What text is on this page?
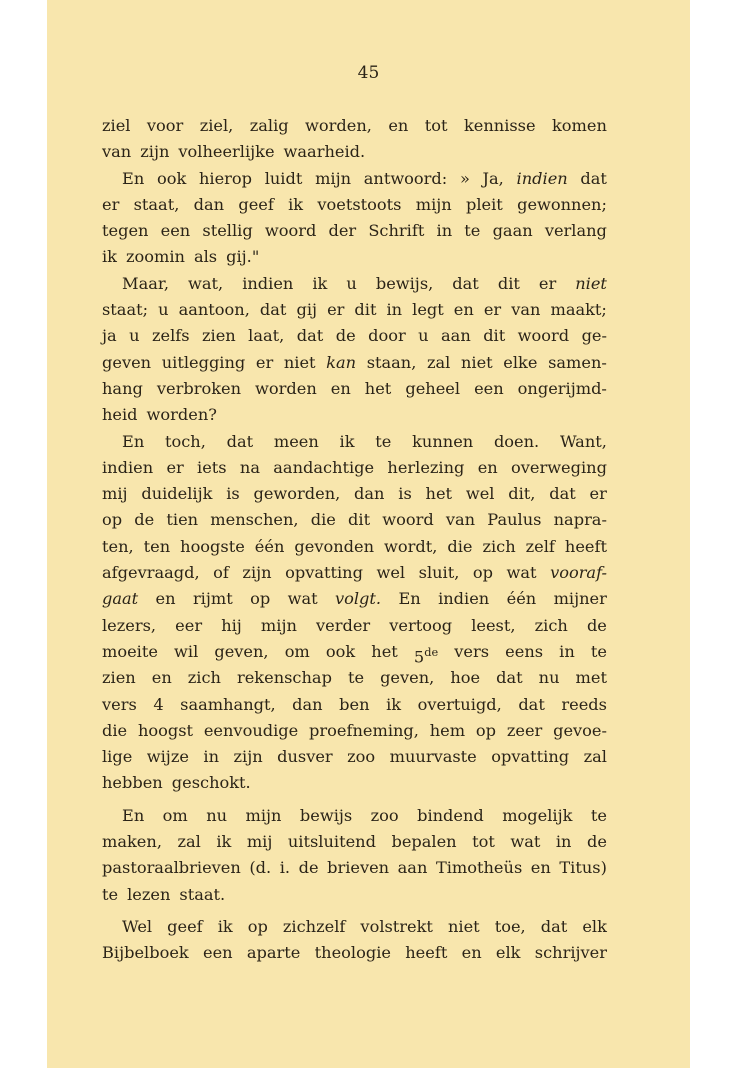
45
ziel voor ziel, zalig worden, en tot kennisse komen
van zijn volheerlijke waarheid.
En ook hierop luidt mijn antwoord: » Ja, indien dat
er staat, dan geef ik voetstoots mijn pleit gewonnen;
tegen een stellig woord der Schrift in te gaan verlang
ik zoomin als gij."
Maar, wat, indien ik u bewijs, dat dit er niet
staat; u aantoon, dat gij er dit in legt en er van maakt;
ja u zelfs zien laat, dat de door u aan dit woord ge-
geven uitlegging er niet kan staan, zal niet elke samen-
hang verbroken worden en het geheel een ongerijmd-
heid worden?
En toch, dat meen ik te kunnen doen. Want,
indien er iets na aandachtige herlezing en overweging
mij duidelijk is geworden, dan is het wel dit, dat er
op de tien menschen, die dit woord van Paulus napra-
ten, ten hoogste één gevonden wordt, die zich zelf heeft
afgevraagd, of zijn opvatting wel sluit, op wat vooraf-
gaat en rijmt op wat volgt. En indien één mijner
lezers, eer hij mijn verder vertoog leest, zich de
moeite wil geven, om ook het 5de vers eens in te
zien en zich rekenschap te geven, hoe dat nu met
vers 4 saamhangt, dan ben ik overtuigd, dat reeds
die hoogst eenvoudige proefneming, hem op zeer gevoe-
lige wijze in zijn dusver zoo muurvaste opvatting zal
hebben geschokt.
En om nu mijn bewijs zoo bindend mogelijk te
maken, zal ik mij uitsluitend bepalen tot wat in de
pastoraalbrieven (d. i. de brieven aan Timotheüs en Titus)
te lezen staat.
Wel geef ik op zichzelf volstrekt niet toe, dat elk
Bijbelboek een aparte theologie heeft en elk schrijver
